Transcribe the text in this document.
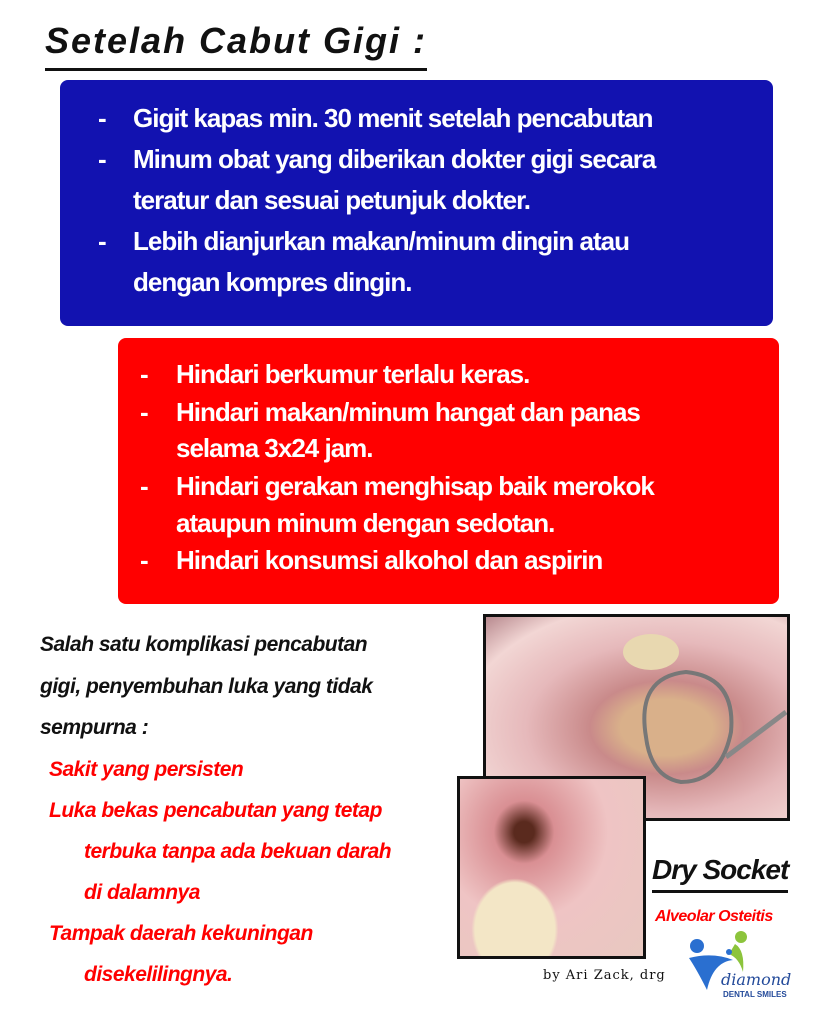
Setelah Cabut Gigi :
- Gigit kapas min. 30 menit setelah pencabutan
- Minum obat yang diberikan dokter gigi secara
teratur dan sesuai petunjuk dokter.
- Lebih dianjurkan makan/minum dingin atau
dengan kompres dingin.
- Hindari berkumur terlalu keras.
- Hindari makan/minum hangat dan panas
selama 3x24 jam.
- Hindari gerakan menghisap baik merokok
ataupun minum dengan sedotan.
- Hindari konsumsi alkohol dan aspirin
Salah satu komplikasi pencabutan
gigi, penyembuhan luka yang tidak
sempurna :
Sakit yang persisten
Luka bekas pencabutan yang tetap
terbuka tanpa ada bekuan darah
di dalamnya
Tampak daerah kekuningan
disekelilingnya.
Dry Socket
Alveolar Osteitis
by Ari Zack, drg	diamond
DENTAL SMILES
